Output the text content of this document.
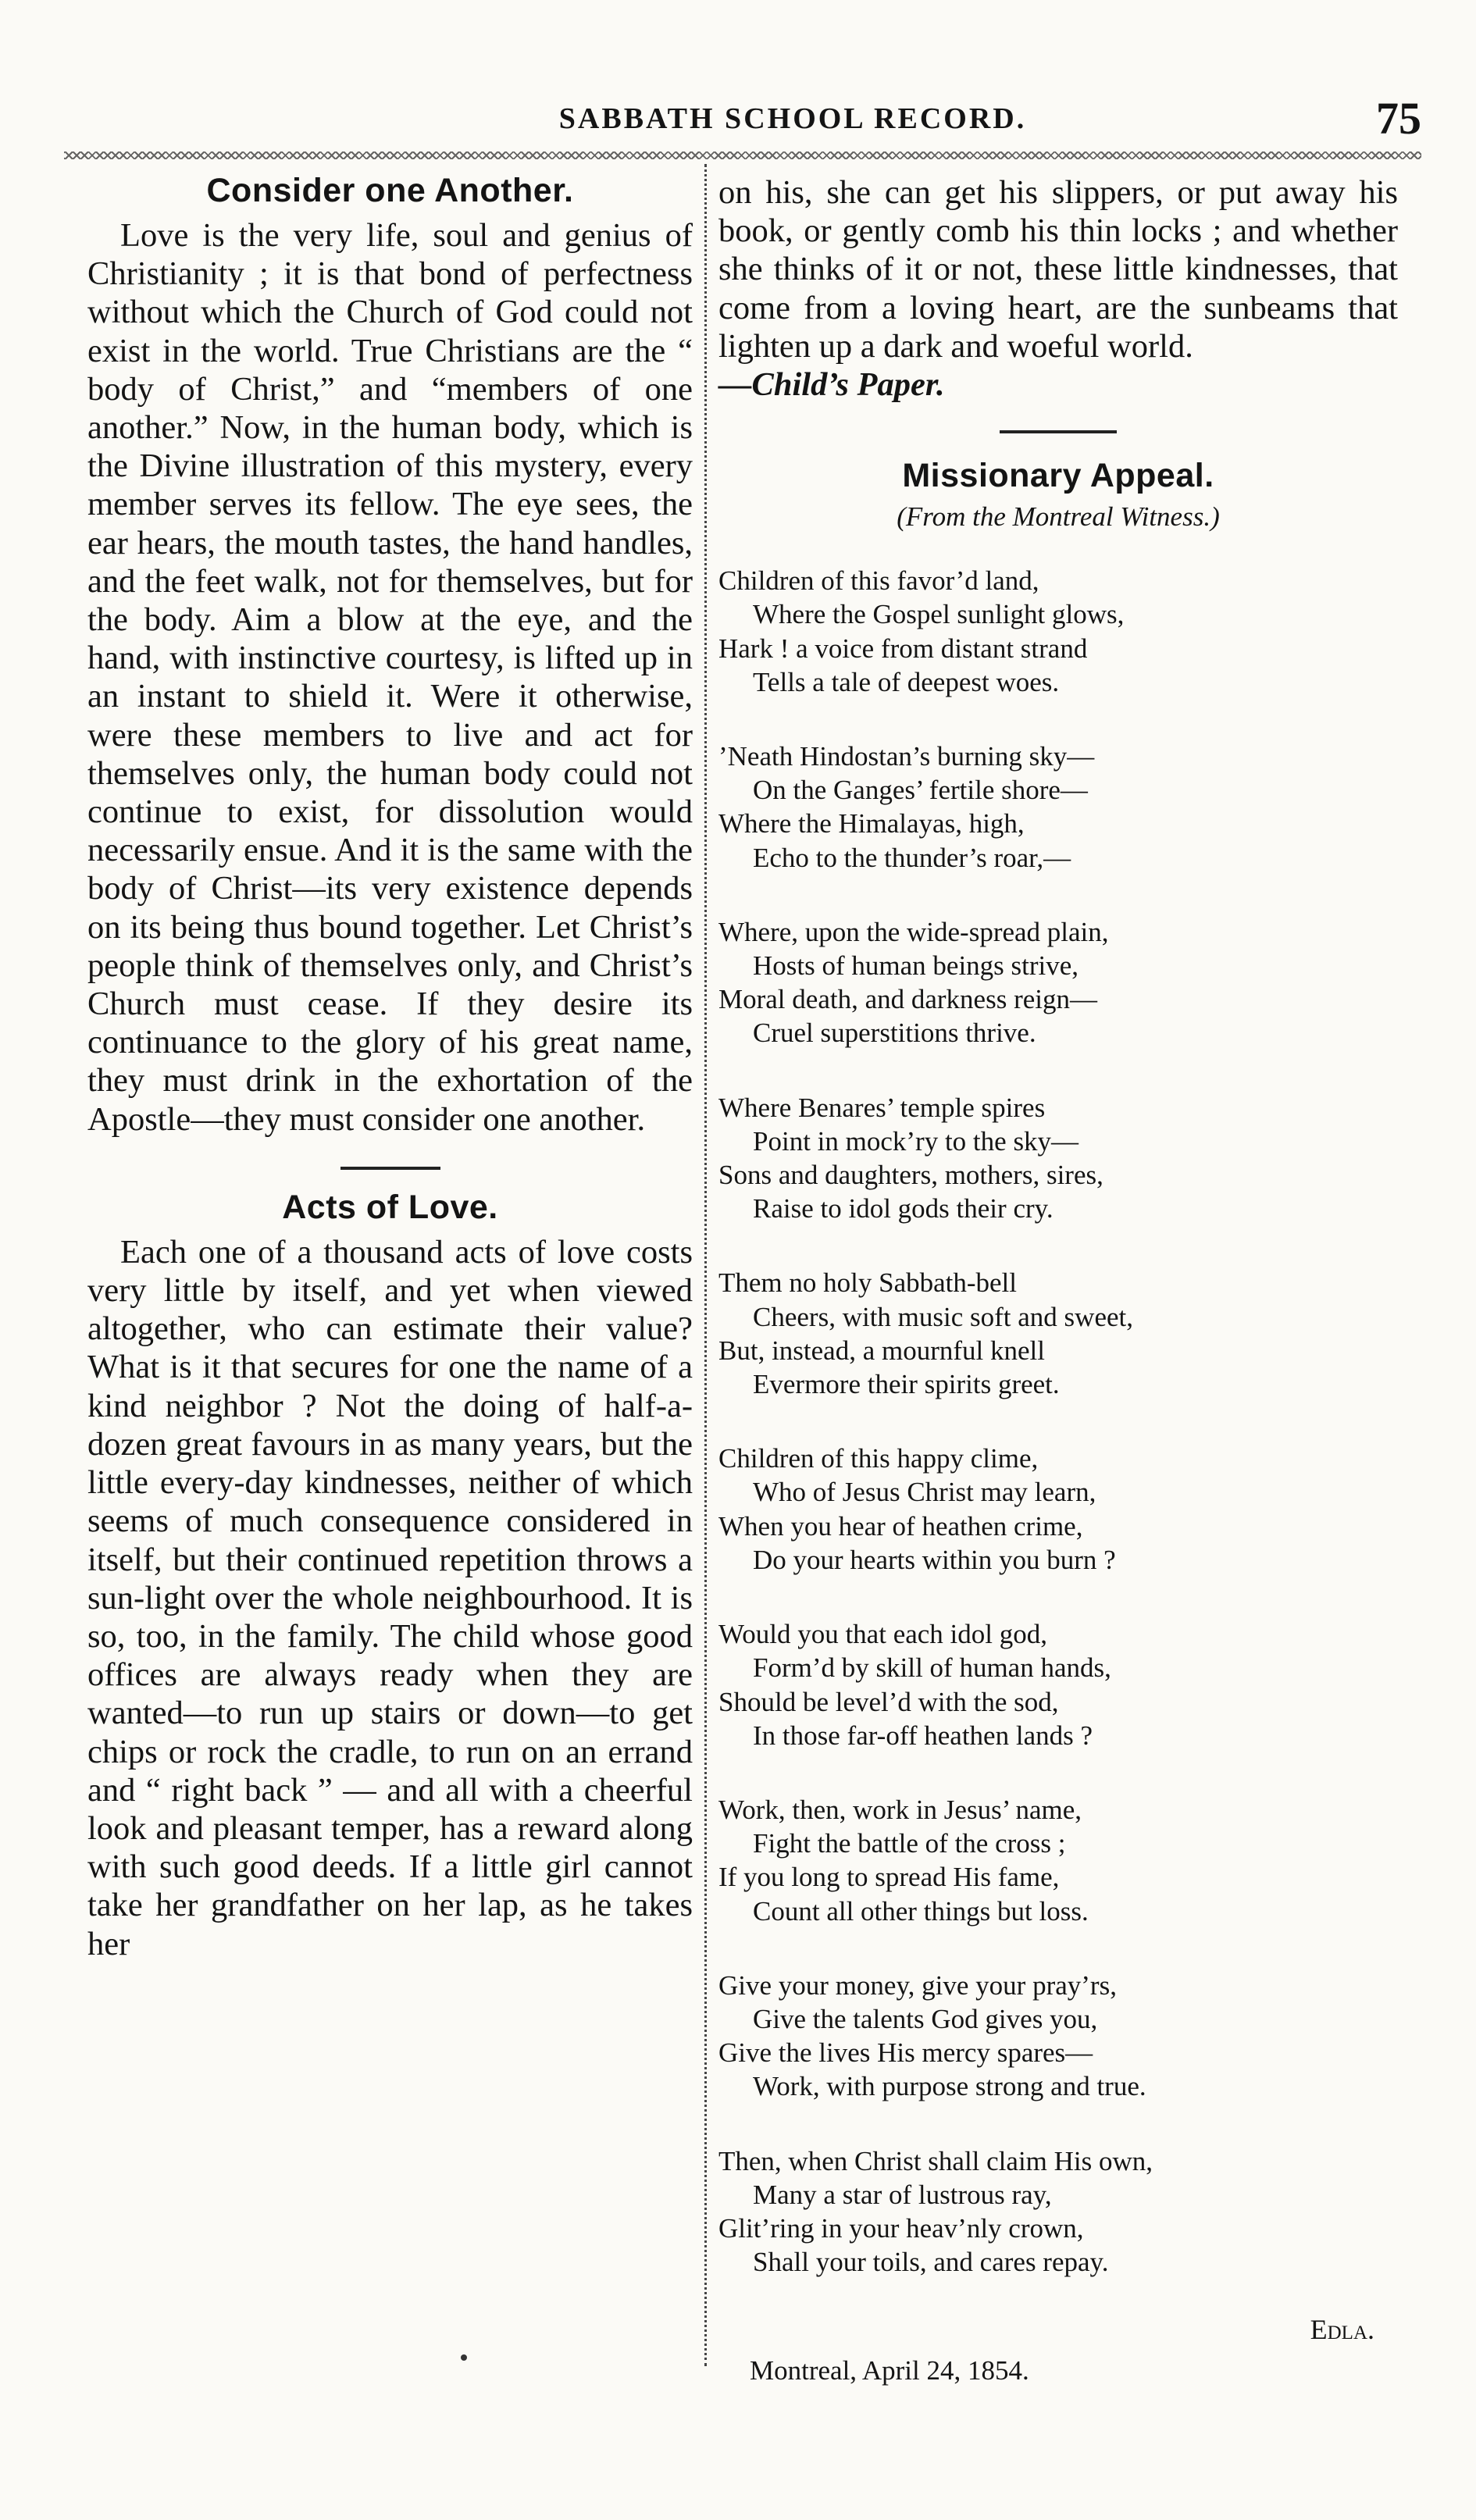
SABBATH SCHOOL RECORD.	75
Consider one Another.

Love is the very life, soul and genius of Christianity ; it is that bond of perfectness without which the Church of God could not exist in the world. True Christians are the “ body of Christ,” and “members of one another.” Now, in the human body, which is the Divine illustration of this mystery, every member serves its fellow. The eye sees, the ear hears, the mouth tastes, the hand handles, and the feet walk, not for themselves, but for the body. Aim a blow at the eye, and the hand, with instinctive courtesy, is lifted up in an instant to shield it. Were it otherwise, were these members to live and act for themselves only, the human body could not continue to exist, for dissolution would necessarily ensue. And it is the same with the body of Christ—its very existence depends on its being thus bound together. Let Christ’s people think of themselves only, and Christ’s Church must cease. If they desire its continuance to the glory of his great name, they must drink in the exhortation of the Apostle—they must consider one another.

Acts of Love.

Each one of a thousand acts of love costs very little by itself, and yet when viewed altogether, who can estimate their value? What is it that secures for one the name of a kind neighbor ? Not the doing of half-a-dozen great favours in as many years, but the little every-day kindnesses, neither of which seems of much consequence considered in itself, but their continued repetition throws a sun-light over the whole neighbourhood. It is so, too, in the family. The child whose good offices are always ready when they are wanted—to run up stairs or down—to get chips or rock the cradle, to run on an errand and “ right back ” — and all with a cheerful look and pleasant temper, has a reward along with such good deeds. If a little girl cannot take her grandfather on her lap, as he takes her

on his, she can get his slippers, or put away his book, or gently comb his thin locks ; and whether she thinks of it or not, these little kindnesses, that come from a loving heart, are the sunbeams that lighten up a dark and woeful world.
—Child’s Paper.

Missionary Appeal.
(From the Montreal Witness.)
Children of this favor’d land,
Where the Gospel sunlight glows,
Hark ! a voice from distant strand
Tells a tale of deepest woes.
’Neath Hindostan’s burning sky—
On the Ganges’ fertile shore—
Where the Himalayas, high,
Echo to the thunder’s roar,—
Where, upon the wide-spread plain,
Hosts of human beings strive,
Moral death, and darkness reign—
Cruel superstitions thrive.
Where Benares’ temple spires
Point in mock’ry to the sky—
Sons and daughters, mothers, sires,
Raise to idol gods their cry.
Them no holy Sabbath-bell
Cheers, with music soft and sweet,
But, instead, a mournful knell
Evermore their spirits greet.
Children of this happy clime,
Who of Jesus Christ may learn,
When you hear of heathen crime,
Do your hearts within you burn ?
Would you that each idol god,
Form’d by skill of human hands,
Should be level’d with the sod,
In those far-off heathen lands ?
Work, then, work in Jesus’ name,
Fight the battle of the cross ;
If you long to spread His fame,
Count all other things but loss.
Give your money, give your pray’rs,
Give the talents God gives you,
Give the lives His mercy spares—
Work, with purpose strong and true.
Then, when Christ shall claim His own,
Many a star of lustrous ray,
Glit’ring in your heav’nly crown,
Shall your toils, and cares repay.
Edla.
Montreal, April 24, 1854.
